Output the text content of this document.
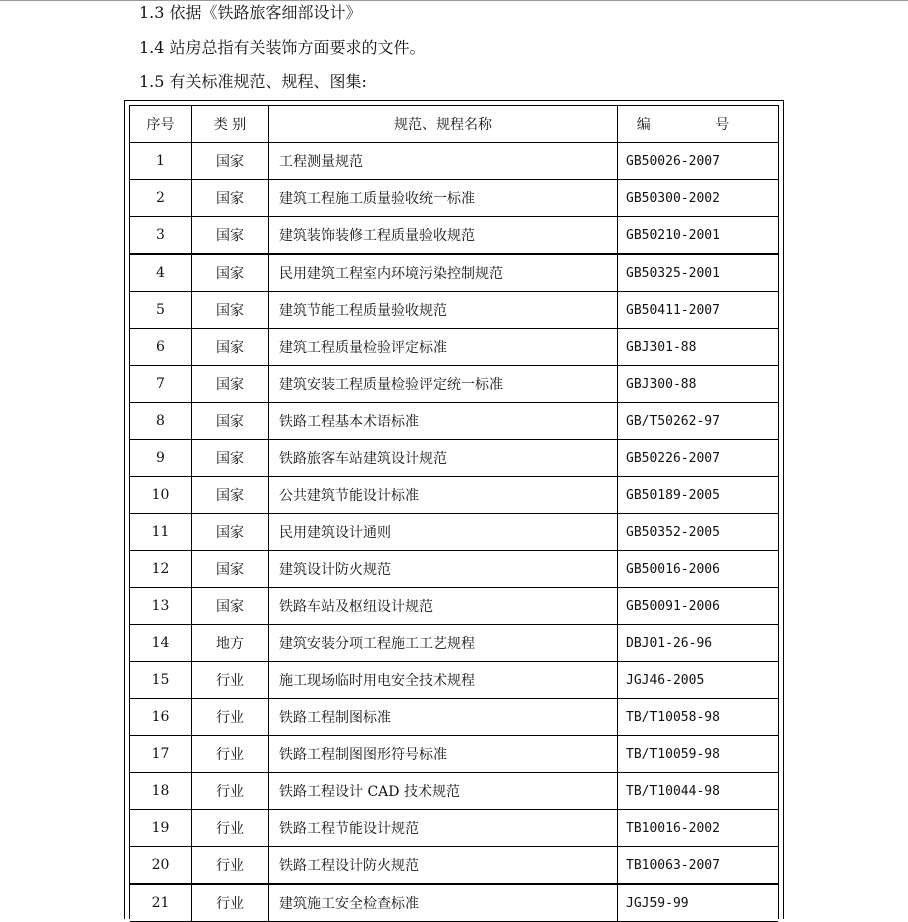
1.3 依据《铁路旅客细部设计》
1.4 站房总指有关装饰方面要求的文件。
1.5 有关标准规范、规程、图集:
序号	类 别	规范、规程名称	编 号
1	国家	工程测量规范	GB50026-2007
2	国家	建筑工程施工质量验收统一标准	GB50300-2002
3	国家	建筑装饰装修工程质量验收规范	GB50210-2001
4	国家	民用建筑工程室内环境污染控制规范	GB50325-2001
5	国家	建筑节能工程质量验收规范	GB50411-2007
6	国家	建筑工程质量检验评定标准	GBJ301-88
7	国家	建筑安装工程质量检验评定统一标准	GBJ300-88
8	国家	铁路工程基本术语标准	GB/T50262-97
9	国家	铁路旅客车站建筑设计规范	GB50226-2007
10	国家	公共建筑节能设计标准	GB50189-2005
11	国家	民用建筑设计通则	GB50352-2005
12	国家	建筑设计防火规范	GB50016-2006
13	国家	铁路车站及枢纽设计规范	GB50091-2006
14	地方	建筑安装分项工程施工工艺规程	DBJ01-26-96
15	行业	施工现场临时用电安全技术规程	JGJ46-2005
16	行业	铁路工程制图标准	TB/T10058-98
17	行业	铁路工程制图图形符号标准	TB/T10059-98
18	行业	铁路工程设计 CAD 技术规范	TB/T10044-98
19	行业	铁路工程节能设计规范	TB10016-2002
20	行业	铁路工程设计防火规范	TB10063-2007
21	行业	建筑施工安全检查标准	JGJ59-99
